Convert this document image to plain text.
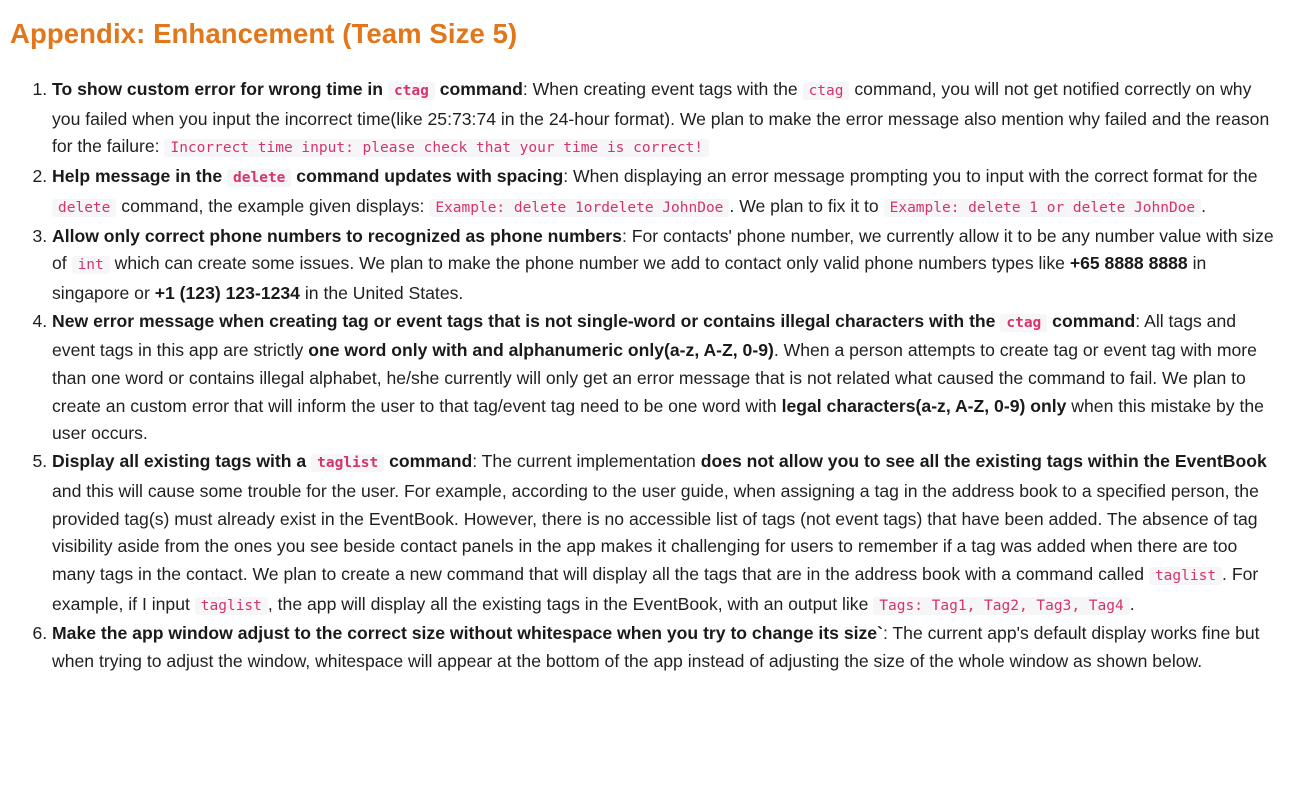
Appendix: Enhancement (Team Size 5)
1. To show custom error for wrong time in ctag command: When creating event tags with the ctag command, you will not get notified correctly on why you failed when you input the incorrect time(like 25:73:74 in the 24-hour format). We plan to make the error message also mention why failed and the reason for the failure: Incorrect time input: please check that your time is correct!
2. Help message in the delete command updates with spacing: When displaying an error message prompting you to input with the correct format for the delete command, the example given displays: Example: delete 1ordelete JohnDoe . We plan to fix it to Example: delete 1 or delete JohnDoe .
3. Allow only correct phone numbers to recognized as phone numbers: For contacts' phone number, we currently allow it to be any number value with size of int which can create some issues. We plan to make the phone number we add to contact only valid phone numbers types like +65 8888 8888 in singapore or +1 (123) 123-1234 in the United States.
4. New error message when creating tag or event tags that is not single-word or contains illegal characters with the ctag command: All tags and event tags in this app are strictly one word only with and alphanumeric only(a-z, A-Z, 0-9). When a person attempts to create tag or event tag with more than one word or contains illegal alphabet, he/she currently will only get an error message that is not related what caused the command to fail. We plan to create an custom error that will inform the user to that tag/event tag need to be one word with legal characters(a-z, A-Z, 0-9) only when this mistake by the user occurs.
5. Display all existing tags with a taglist command: The current implementation does not allow you to see all the existing tags within the EventBook and this will cause some trouble for the user. For example, according to the user guide, when assigning a tag in the address book to a specified person, the provided tag(s) must already exist in the EventBook. However, there is no accessible list of tags (not event tags) that have been added. The absence of tag visibility aside from the ones you see beside contact panels in the app makes it challenging for users to remember if a tag was added when there are too many tags in the contact. We plan to create a new command that will display all the tags that are in the address book with a command called taglist . For example, if I input taglist , the app will display all the existing tags in the EventBook, with an output like Tags: Tag1, Tag2, Tag3, Tag4 .
6. Make the app window adjust to the correct size without whitespace when you try to change its size`: The current app's default display works fine but when trying to adjust the window, whitespace will appear at the bottom of the app instead of adjusting the size of the whole window as shown below.
